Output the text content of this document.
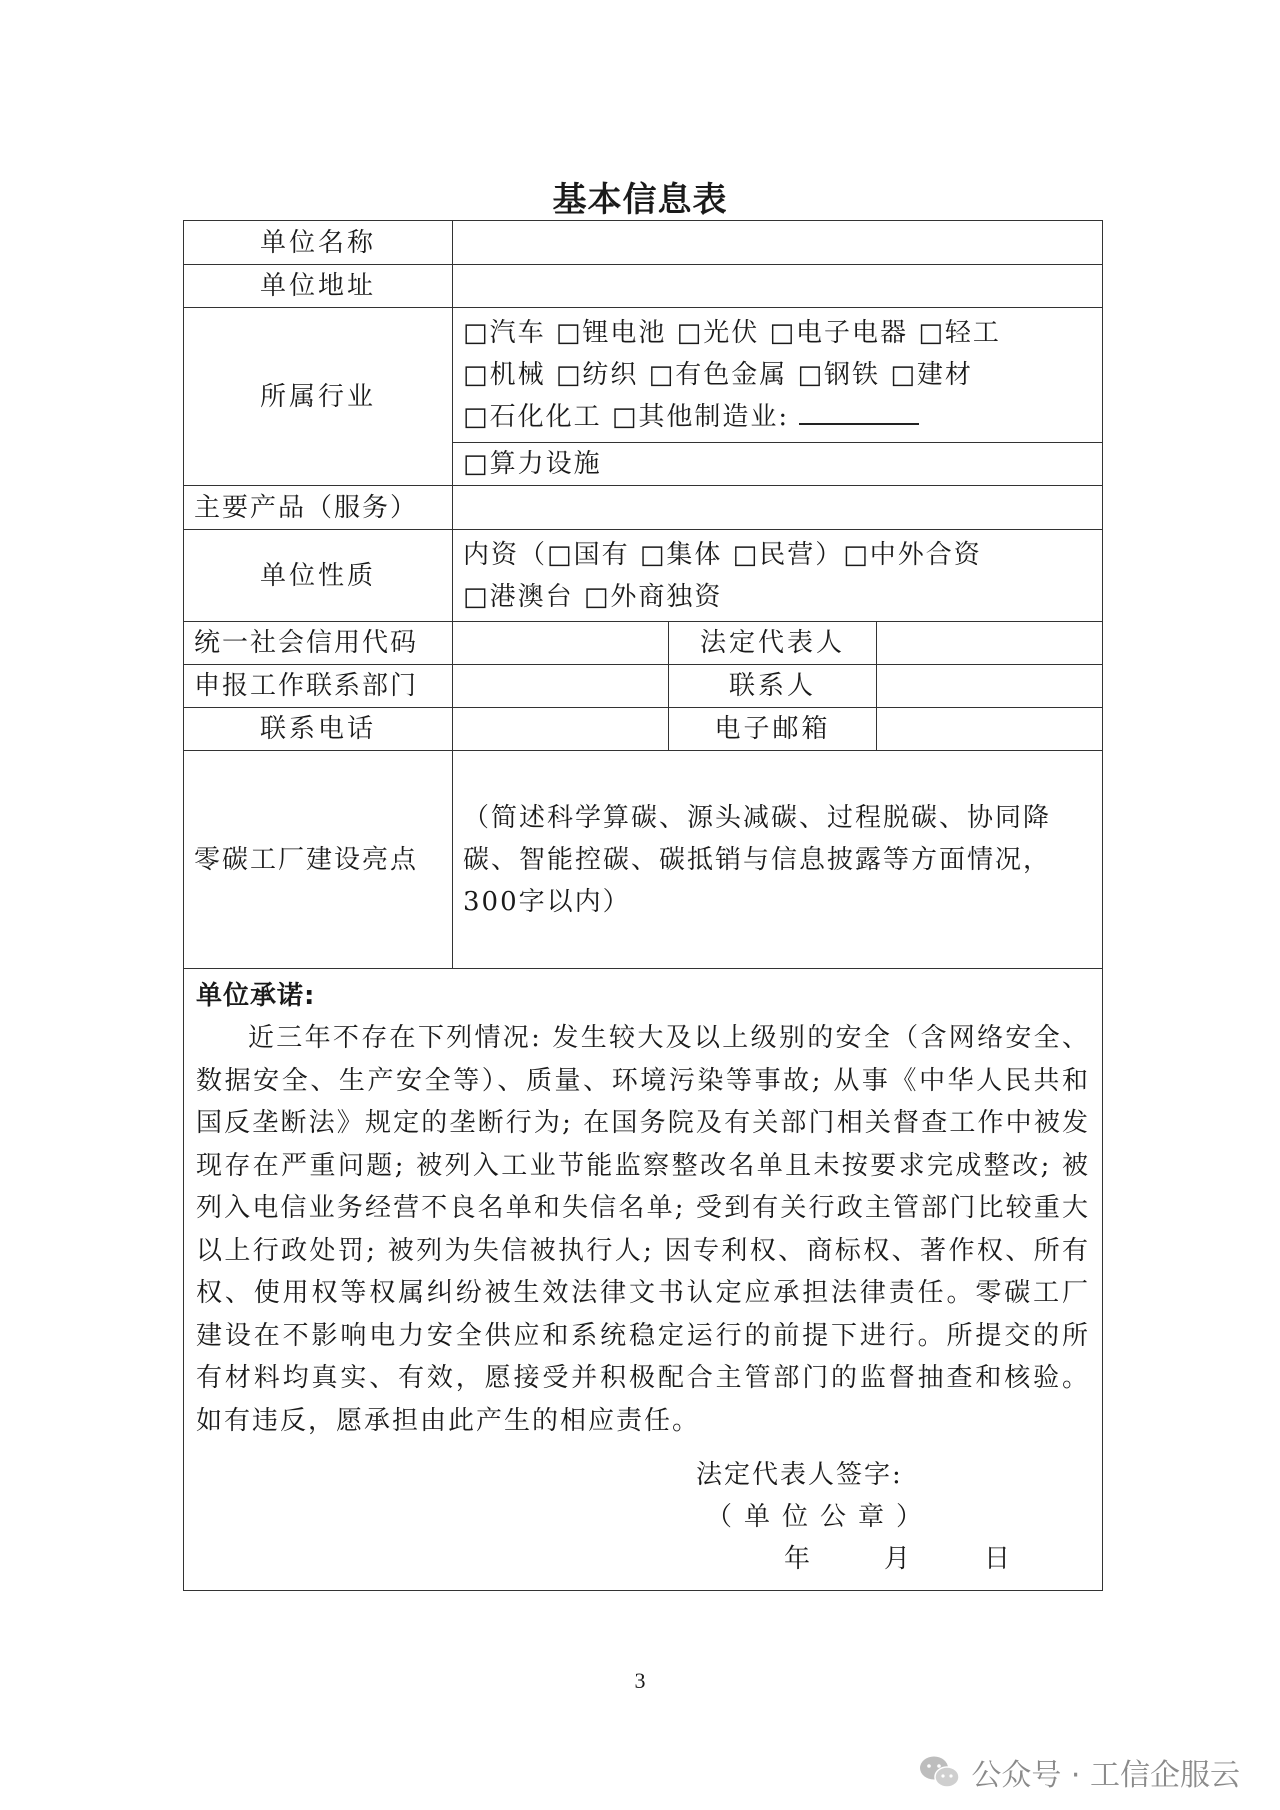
基本信息表
单位名称			
单位地址			
所属行业	□汽车 □锂电池 □光伏 □电子电器 □轻工
□机械 □纺织 □有色金属 □钢铁 □建材
□石化化工 □其他制造业:		

	□算力设施		
主要产品（服务）			
单位性质	内资（□国有 □集体 □民营）□中外合资
□港澳台 □外商独资		

统一社会信用代码		法定代表人	
申报工作联系部门		联系人	
联系电话		电子邮箱	
零碳工厂建设亮点	（简述科学算碳、源头减碳、过程脱碳、协同降碳、智能控碳、碳抵销与信息披露等方面情况，300字以内）		

单位承诺:
近三年不存在下列情况: 发生较大及以上级别的安全（含网络安全、数据安全、生产安全等）、质量、环境污染等事故; 从事《中华人民共和国反垄断法》规定的垄断行为; 在国务院及有关部门相关督查工作中被发现存在严重问题; 被列入工业节能监察整改名单且未按要求完成整改; 被列入电信业务经营不良名单和失信名单; 受到有关行政主管部门比较重大以上行政处罚; 被列为失信被执行人; 因专利权、商标权、著作权、所有权、使用权等权属纠纷被生效法律文书认定应承担法律责任。零碳工厂建设在不影响电力安全供应和系统稳定运行的前提下进行。所提交的所有材料均真实、有效，愿接受并积极配合主管部门的监督抽查和核验。如有违反，愿承担由此产生的相应责任。
法定代表人签字:
（单位公章）
年 月 日			
3
公众号 · 工信企服云
